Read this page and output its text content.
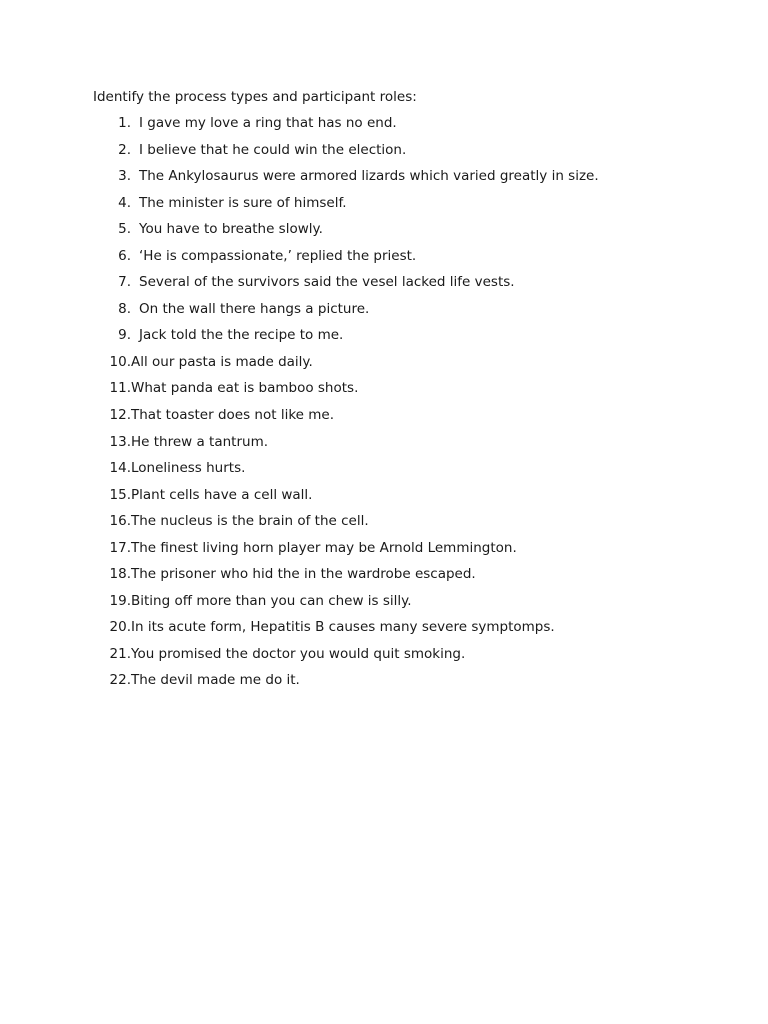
Identify the process types and participant roles:
1. I gave my love a ring that has no end.
2. I believe that he could win the election.
3. The Ankylosaurus were armored lizards which varied greatly in size.
4. The minister is sure of himself.
5. You have to breathe slowly.
6. ‘He is compassionate,’ replied the priest.
7. Several of the survivors said the vesel lacked life vests.
8. On the wall there hangs a picture.
9. Jack told the the recipe to me.
10. All our pasta is made daily.
11. What panda eat is bamboo shots.
12. That toaster does not like me.
13. He threw a tantrum.
14. Loneliness hurts.
15. Plant cells have a cell wall.
16. The nucleus is the brain of the cell.
17. The finest living horn player may be Arnold Lemmington.
18. The prisoner who hid the in the wardrobe escaped.
19. Biting off more than you can chew is silly.
20. In its acute form, Hepatitis B causes many severe symptomps.
21. You promised the doctor you would quit smoking.
22. The devil made me do it.
